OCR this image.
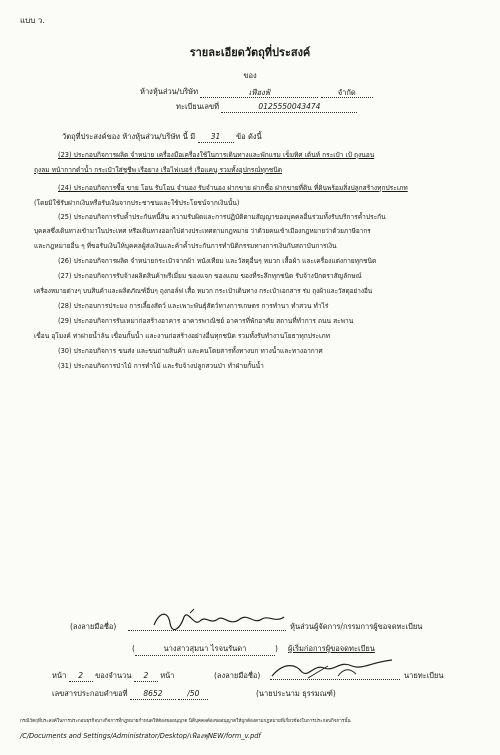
แบบ ว.
รายละเอียดวัตถุที่ประสงค์
ของ
ห้างหุ้นส่วน/บริษัท	เฟืองฟ้	จำกัด
ทะเบียนเลขที่	0125550043474
วัตถุที่ประสงค์ของ ห้างหุ้นส่วน/บริษัท นี้ มี 31 ข้อ ดังนี้
(23) ประกอบกิจการผลิต จำหน่าย เครื่องมือเครื่องใช้ในการเดินทางและพักแรม เข็มทิศ เต้นท์ กระเป๋า เป้ ถุงนอน
ถุงลม หน้ากากดำน้ำ กระเป๋าใส่ชูชีพ เรือยาง เรือไฟเบอร์ เรือแคนู รวมทั้งอุปกรณ์ทุกชนิด
(24) ประกอบกิจการซื้อ ขาย โอน รับโอน จำนอง รับจำนอง ฝากขาย ฝากซื้อ ฝากขายที่ดิน ที่ดินพร้อมสิ่งปลูกสร้างทุกประเภท
(โดยมิใช้รับฝากเงินหรือรับเงินจากประชาชนและใช้ประโยชน์จากเงินนั้น)
(25) ประกอบกิจการรับค้ำประกันหนี้สิน ความรับผิดและการปฏิบัติตามสัญญาของบุคคลอื่นรวมทั้งรับบริการค้ำประกัน
บุคคลซึ่งเดินทางเข้ามาในประเทศ หรือเดินทางออกไปต่างประเทศตามกฎหมาย ว่าด้วยคนเข้าเมืองกฎหมายว่าด้วยภาษีอากร
และกฎหมายอื่น ๆ ที่ขอรับเงินให้บุคคลผู้ส่งเงินและค้าค้ำประกันการทำนิติกรรมทางการเงินกับสถาบันการเงิน
(26) ประกอบกิจการผลิต จำหน่ายกระเป๋าจากผ้า หนังเทียม และวัสดุอื่นๆ หมวก เสื้อผ้า และเครื่องแต่งกายทุกชนิด
(27) ประกอบกิจการรับจ้างผลิตสินค้าพรีเมี่ยม ของแจก ของแถม ของที่ระลึกทุกชนิด รับจ้างปักตราสัญลักษณ์
เครื่องหมายต่างๆ บนสินค้าและผลิตภัณฑ์อื่นๆ ถุงกอล์ฟ เสื้อ หมวก กระเป๋าเดินทาง กระเป๋าเอกสาร ร่ม ถุงผ้าและวัสดุอย่างอื่น
(28) ประกอบการประมง การเลี้ยงสัตว์ และเพาะพันธุ์สัตว์ทางการเกษตร การทำนา ทำสวน ทำไร่
(29) ประกอบกิจการรับเหมาก่อสร้างอาคาร อาคารพาณิชย์ อาคารที่พักอาศัย สถานที่ทำการ ถนน สะพาน
เขื่อน อุโมงค์ ท่าฝายน้ำล้น เขื่อนกั้นน้ำ และงานก่อสร้างอย่างอื่นทุกชนิด รวมทั้งรับทำงานโยธาทุกประเภท
(30) ประกอบกิจการ ขนส่ง และขนถ่ายสินค้า และคนโดยสารทั้งทางบก ทางน้ำและทางอากาศ
(31) ประกอบกิจการป่าไม้ การทำไม้ และรับจ้างปลูกสวนป่า ทำฝ่ายกั้นน้ำ
(ลงลายมือชื่อ)	หุ้นส่วนผู้จัดการ/กรรมการผู้ขอจดทะเบียน
(	นางสาวสุมนา ไรจนรันดา	) ผู้เริ่มก่อการผู้ขอจดทะเบียน
หน้า 2 ของจำนวน 2 หน้า	(ลงลายมือชื่อ)	นายทะเบียน
เลขสารประกอบคำขอที่ 8652	/50	(นายประนาม ธุรรมณฑ์)
กรณีวัตถุที่ประสงค์ในการประกอบธุรกิจบางกิจการที่กฎหมายกำหนดให้ต้องขออนุญาต นิติบุคคลต้องขออนุญาตให้ถูกต้องตามกฎหมายที่เกี่ยวข้องในการประกอบกิจการนั้น
/C/Documents and Settings/Administrator/Desktop/เฟืองฟุNEW/form_v.pdf
